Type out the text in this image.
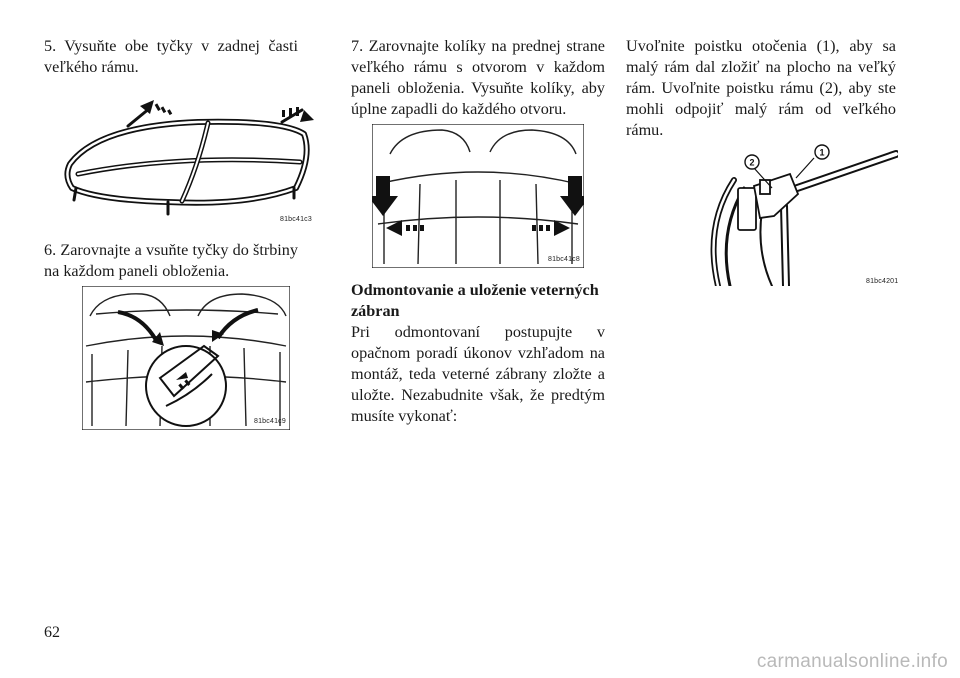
5. Vysuňte obe tyčky v zadnej časti veľkého rámu.

81bc41c3

6. Zarovnajte a vsuňte tyčky do štrbiny na každom paneli obloženia.

81bc41c9

7. Zarovnajte kolíky na prednej strane veľkého rámu s otvorom v každom paneli obloženia. Vysuňte kolíky, aby úplne zapadli do každého otvoru.

81bc41c8
Odmontovanie a uloženie veterných zábran

Pri odmontovaní postupujte v opačnom poradí úkonov vzhľadom na montáž, teda veterné zábrany zložte a uložte. Nezabudnite však, že predtým musíte vykonať:

Uvoľnite poistku otočenia (1), aby sa malý rám dal zložiť na plocho na veľký rám. Uvoľnite poistku rámu (2), aby ste mohli odpojiť malý rám od veľkého rámu.

2
1
81bc4201
62
carmanualsonline.info
